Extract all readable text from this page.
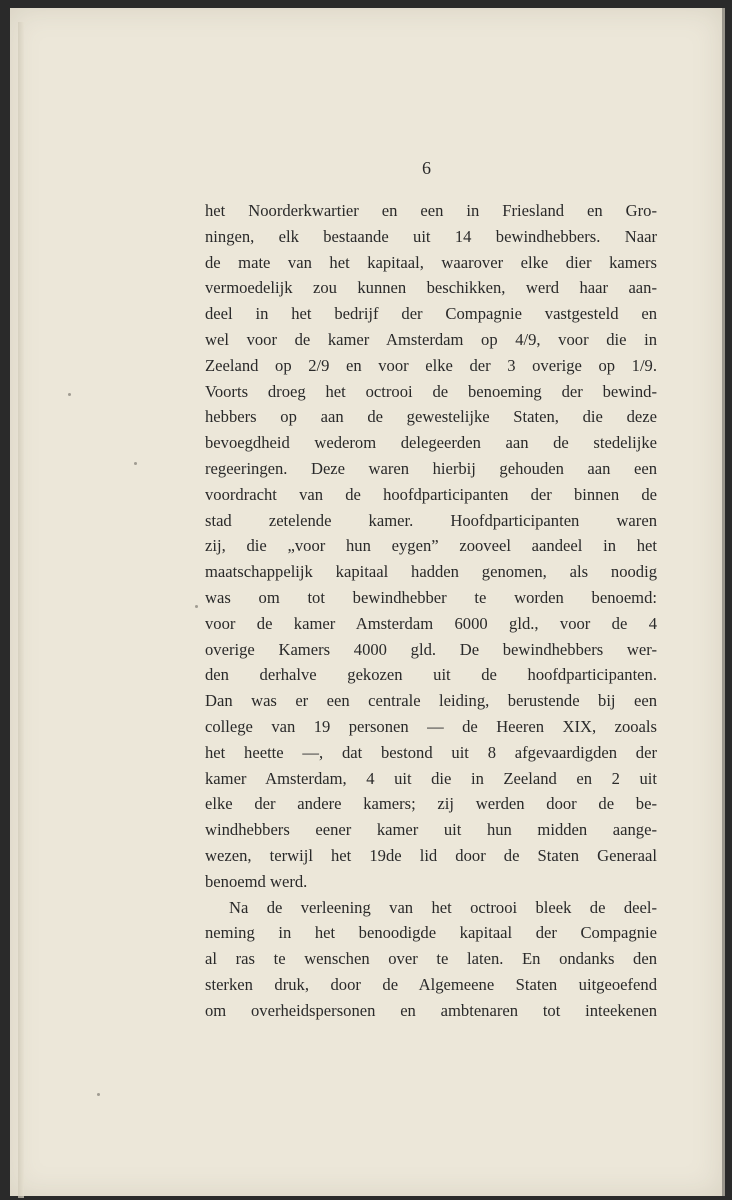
6
het Noorderkwartier en een in Friesland en Gro-
ningen, elk bestaande uit 14 bewindhebbers. Naar
de mate van het kapitaal, waarover elke dier kamers
vermoedelijk zou kunnen beschikken, werd haar aan-
deel in het bedrijf der Compagnie vastgesteld en
wel voor de kamer Amsterdam op 4/9, voor die in
Zeeland op 2/9 en voor elke der 3 overige op 1/9.
Voorts droeg het octrooi de benoeming der bewind-
hebbers op aan de gewestelijke Staten, die deze
bevoegdheid wederom delegeerden aan de stedelijke
regeeringen. Deze waren hierbij gehouden aan een
voordracht van de hoofdparticipanten der binnen de
stad zetelende kamer. Hoofdparticipanten waren
zij, die „voor hun eygen” zooveel aandeel in het
maatschappelijk kapitaal hadden genomen, als noodig
was om tot bewindhebber te worden benoemd:
voor de kamer Amsterdam 6000 gld., voor de 4
overige Kamers 4000 gld. De bewindhebbers wer-
den derhalve gekozen uit de hoofdparticipanten.
Dan was er een centrale leiding, berustende bij een
college van 19 personen — de Heeren XIX, zooals
het heette —, dat bestond uit 8 afgevaardigden der
kamer Amsterdam, 4 uit die in Zeeland en 2 uit
elke der andere kamers; zij werden door de be-
windhebbers eener kamer uit hun midden aange-
wezen, terwijl het 19de lid door de Staten Generaal
benoemd werd.
Na de verleening van het octrooi bleek de deel-
neming in het benoodigde kapitaal der Compagnie
al ras te wenschen over te laten. En ondanks den
sterken druk, door de Algemeene Staten uitgeoefend
om overheidspersonen en ambtenaren tot inteekenen
